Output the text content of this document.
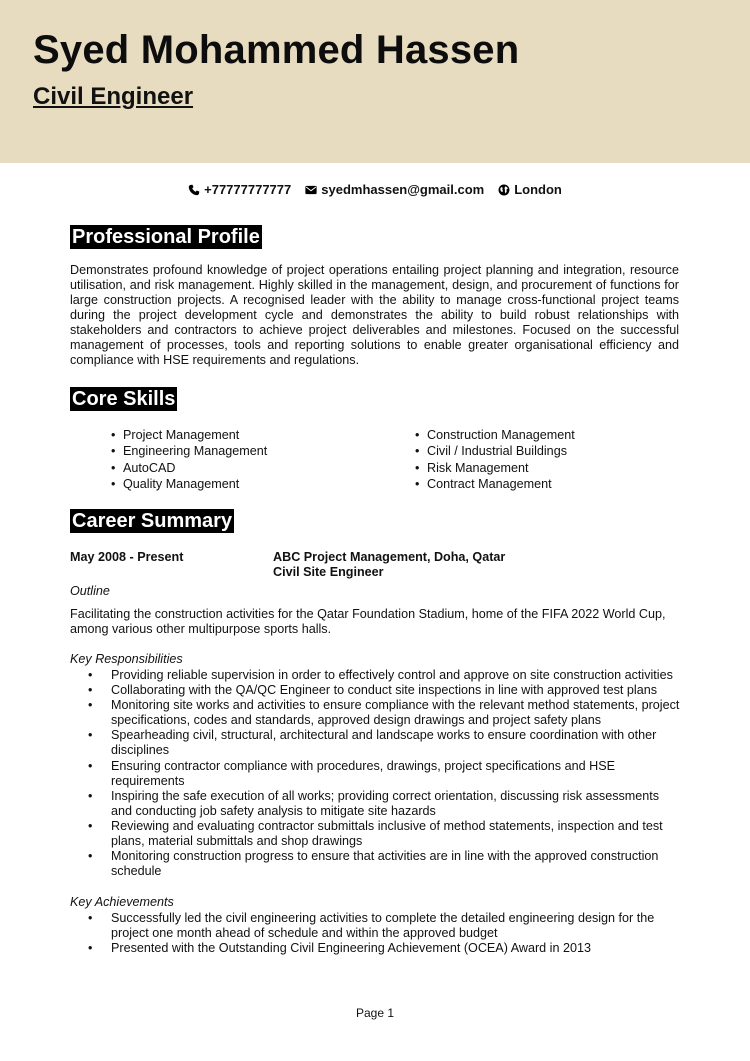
Syed Mohammed Hassen
Civil Engineer
+77777777777 syedmhassen@gmail.com London
Professional Profile

Demonstrates profound knowledge of project operations entailing project planning and integration, resource utilisation, and risk management. Highly skilled in the management, design, and procurement of functions for large construction projects. A recognised leader with the ability to manage cross-functional project teams during the project development cycle and demonstrates the ability to build robust relationships with stakeholders and contractors to achieve project deliverables and milestones. Focused on the successful management of processes, tools and reporting solutions to enable greater organisational efficiency and compliance with HSE requirements and regulations.

Core Skills
• Project Management
• Engineering Management
• AutoCAD
• Quality Management
• Construction Management
• Civil / Industrial Buildings
• Risk Management
• Contract Management
Career Summary

May 2008 - Present	ABC Project Management, Doha, Qatar

Civil Site Engineer

Outline

Facilitating the construction activities for the Qatar Foundation Stadium, home of the FIFA 2022 World Cup, among various other multipurpose sports halls.

Key Responsibilities

• Providing reliable supervision in order to effectively control and approve on site construction activities
• Collaborating with the QA/QC Engineer to conduct site inspections in line with approved test plans
• Monitoring site works and activities to ensure compliance with the relevant method statements, project specifications, codes and standards, approved design drawings and project safety plans
• Spearheading civil, structural, architectural and landscape works to ensure coordination with other disciplines
• Ensuring contractor compliance with procedures, drawings, project specifications and HSE requirements
• Inspiring the safe execution of all works; providing correct orientation, discussing risk assessments and conducting job safety analysis to mitigate site hazards
• Reviewing and evaluating contractor submittals inclusive of method statements, inspection and test plans, material submittals and shop drawings
• Monitoring construction progress to ensure that activities are in line with the approved construction schedule

Key Achievements

• Successfully led the civil engineering activities to complete the detailed engineering design for the project one month ahead of schedule and within the approved budget
• Presented with the Outstanding Civil Engineering Achievement (OCEA) Award in 2013

Page 1
